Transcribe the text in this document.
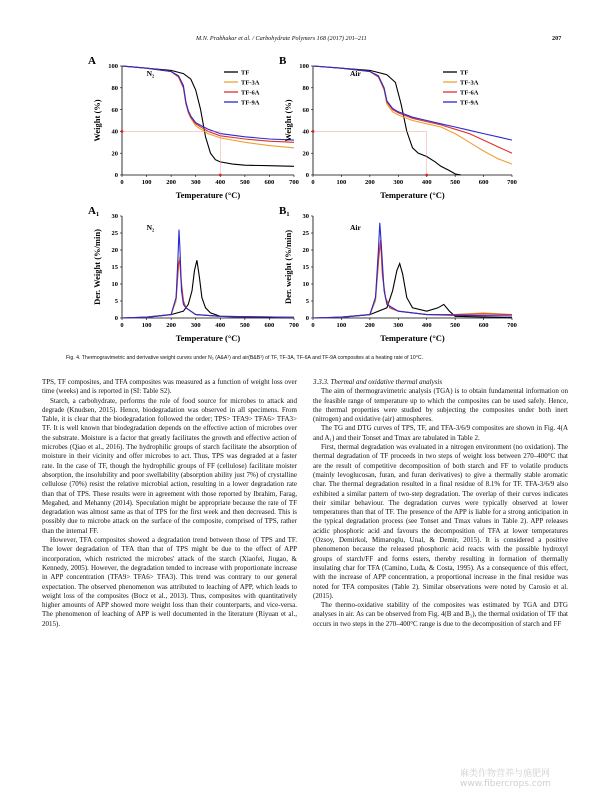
M.N. Prabhakar et al. / Carbohydrate Polymers 168 (2017) 201–211	207
0	100 200 300 400 500 600 700
0
20
40
60
80
100
Temperature (°C)
Weight (%)
A
N₂	TF
TF-3A
TF-6A
TF-9A
0	100	200	300	400	500	600	700
0
20
40
60
80
100
Temperature (°C)
Weight (%)
B
Air	TF
TF-3A
TF-6A
TF-9A
0	100 200 300 400 500 600 700
0
5
10
15
20
25
30
Temperature (°C)
Der. Weight (%/min)
A₁
N₂
0	100	200	300	400	500	600	700
0
5
10
15
20
25
30
Temperature (°C)
Der. weight (%/min)
B₁
Air
Fig. 4. Thermogravimetric and derivative weight curves under N₂ (A&A¹) and air(B&B¹) of TF, TF-3A, TF-6A and TF-9A composites at a heating rate of 10°C.

TPS, TF composites, and TFA composites was measured as a function of weight loss over time (weeks) and is reported in (SI: Table S2).

Starch, a carbohydrate, performs the role of food source for microbes to attack and degrade (Knudsen, 2015). Hence, biodegradation was observed in all specimens. From Table, it is clear that the biodegradation followed the order; TPS> TFA9> TFA6> TFA3> TF. It is well known that biodegradation depends on the effective action of microbes over the substrate. Moisture is a factor that greatly facilitates the growth and effective action of microbes (Qiao et al., 2016). The hydrophilic groups of starch facilitate the absorption of moisture in their vicinity and offer microbes to act. Thus, TPS was degraded at a faster rate. In the case of TF, though the hydrophilic groups of FF (cellulose) facilitate moister absorption, the insolubility and poor swellability (absorption ability just 7%) of crystalline cellulose (70%) resist the relative microbial action, resulting in a lower degradation rate than that of TPS. These results were in agreement with those reported by Ibrahim, Farag, Megahed, and Mehanny (2014). Speculation might be appropriate because the rate of TF degradation was almost same as that of TPS for the first week and then decreased. This is possibly due to microbe attack on the surface of the composite, comprised of TPS, rather than the internal FF.

However, TFA composites showed a degradation trend between those of TPS and TF. The lower degradation of TFA than that of TPS might be due to the effect of APP incorporation, which restricted the microbes' attack of the starch (Xiaofei, Jiugao, & Kennedy, 2005). However, the degradation tended to increase with proportionate increase in APP concentration (TFA9> TFA6> TFA3). This trend was contrary to our general expectation. The observed phenomenon was attributed to leaching of APP, which leads to weight loss of the composites (Bocz et al., 2013). Thus, composites with quantitatively higher amounts of APP showed more weight loss than their counterparts, and vice-versa. The phenomenon of leaching of APP is well documented in the literature (Riyuan et al., 2015).

3.3.3. Thermal and oxidative thermal analysis

The aim of thermogravimetric analysis (TGA) is to obtain fundamental information on the feasible range of temperature up to which the composites can be used safely. Hence, the thermal properties were studied by subjecting the composites under both inert (nitrogen) and oxidative (air) atmospheres.

The TG and DTG curves of TPS, TF, and TFA-3/6/9 composites are shown in Fig. 4(A and A₁) and their Tonset and Tmax are tabulated in Table 2.

First, thermal degradation was evaluated in a nitrogen environment (no oxidation). The thermal degradation of TF proceeds in two steps of weight loss between 270–400°C that are the result of competitive decomposition of both starch and FF to volatile products (mainly levoglucosan, furan, and furan derivatives) to give a thermally stable aromatic char. The thermal degradation resulted in a final residue of 8.1% for TF. TFA-3/6/9 also exhibited a similar pattern of two-step degradation. The overlap of their curves indicates their similar behaviour. The degradation curves were typically observed at lower temperatures than that of TF. The presence of the APP is liable for a strong anticipation in the typical degradation process (see Tonset and Tmax values in Table 2). APP releases acidic phosphoric acid and favours the decomposition of TFA at lower temperatures (Ozsoy, Demirkol, Mimaroglu, Unal, & Demir, 2015). It is considered a positive phenomenon because the released phosphoric acid reacts with the possible hydroxyl groups of starch/FF and forms esters, thereby resulting in formation of thermally insulating char for TFA (Camino, Luda, & Costa, 1995). As a consequence of this effect, with the increase of APP concentration, a proportional increase in the final residue was noted for TFA composites (Table 2). Similar observations were noted by Carosio et al. (2015).

The thermo-oxidative stability of the composites was estimated by TGA and DTG analyses in air. As can be observed from Fig. 4(B and B₁), the thermal oxidation of TF that occurs in two steps in the 270–400°C range is due to the decomposition of starch and FF

麻类作物营养与施肥网 www.fibercrops.com
